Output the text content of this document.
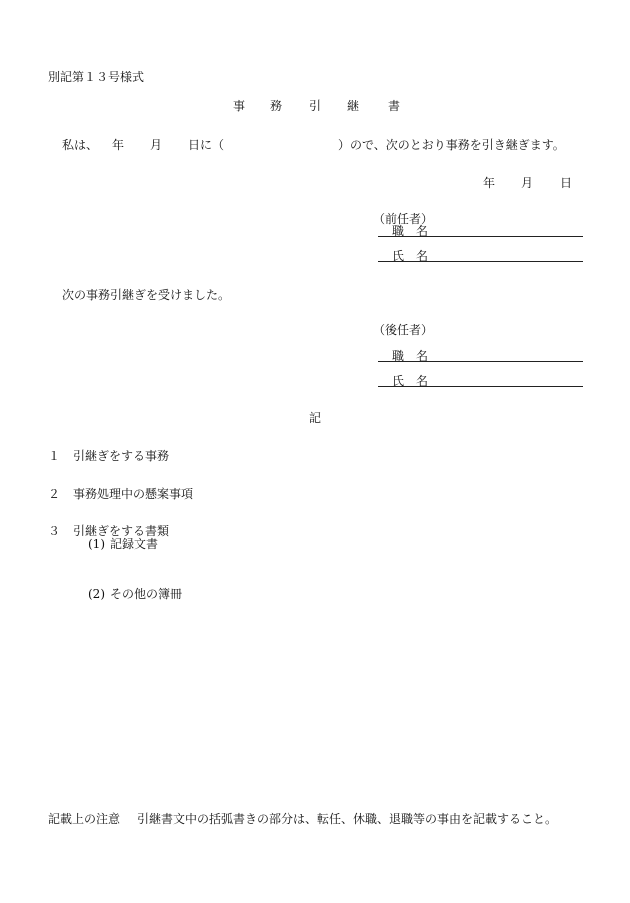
別記第１３号様式
事 務 引 継 書
私は、 年 月 日に（	）ので、次のとおり事務を引き継ぎます。
年 月 日
（前任者）
職　名
氏　名
次の事務引継ぎを受けました。
（後任者）
職　名
氏　名
記
１ 引継ぎをする事務
２ 事務処理中の懸案事項
３ 引継ぎをする書類
(1) 記録文書
(2) その他の簿冊
記載上の注意 引継書文中の括弧書きの部分は、転任、休職、退職等の事由を記載すること。
